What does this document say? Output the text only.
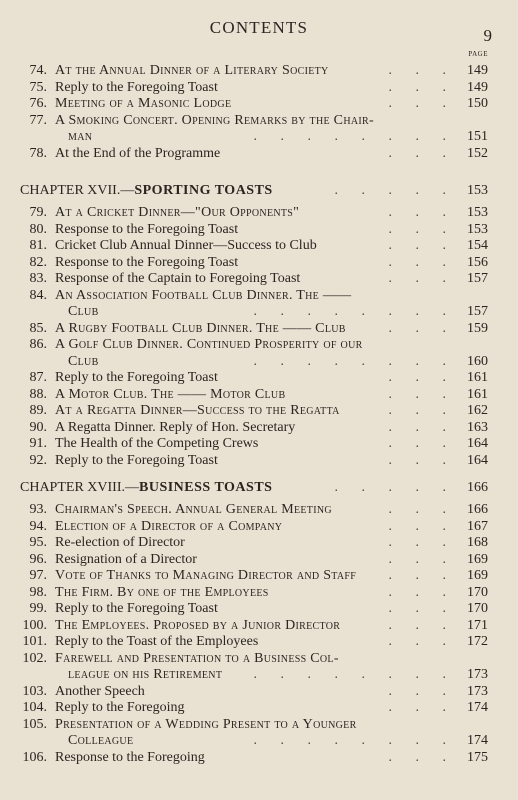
CONTENTS	9
PAGE
74. At the Annual Dinner of a Literary Society	. . . 149
75. Reply to the Foregoing Toast	. . . 149
76. Meeting of a Masonic Lodge	. . . 150
77. A Smoking Concert. Opening Remarks by the Chair-
man	. . . . . . . . 151
78. At the End of the Programme	. . . 152
CHAPTER XVII.—SPORTING TOASTS	. . . . . 153
79. At a Cricket Dinner—"Our Opponents"	. . . 153
80. Response to the Foregoing Toast	. . . 153
81. Cricket Club Annual Dinner—Success to Club	. . . 154
82. Response to the Foregoing Toast	. . . 156
83. Response of the Captain to Foregoing Toast	. . . 157
84. An Association Football Club Dinner. The ——
Club	. . . . . . . . 157
85. A Rugby Football Club Dinner. The —— Club	. . . 159
86. A Golf Club Dinner. Continued Prosperity of our
Club	. . . . . . . . 160
87. Reply to the Foregoing Toast	. . . 161
88. A Motor Club. The —— Motor Club	. . . 161
89. At a Regatta Dinner—Success to the Regatta	. . . 162
90. A Regatta Dinner. Reply of Hon. Secretary	. . . 163
91. The Health of the Competing Crews	. . . 164
92. Reply to the Foregoing Toast	. . . 164
CHAPTER XVIII.—BUSINESS TOASTS	. . . . . 166
93. Chairman's Speech. Annual General Meeting	. . . 166
94. Election of a Director of a Company	. . . 167
95. Re-election of Director	. . . 168
96. Resignation of a Director	. . . 169
97. Vote of Thanks to Managing Director and Staff . . . 169
98. The Firm. By one of the Employees	. . . 170
99. Reply to the Foregoing Toast	. . . 170
100. The Employees. Proposed by a Junior Director	. . . 171
101. Reply to the Toast of the Employees	. . . 172
102. Farewell and Presentation to a Business Col-
league on his Retirement . . . . . . . . 173
103. Another Speech	. . . 173
104. Reply to the Foregoing	. . . 174
105. Presentation of a Wedding Present to a Younger
Colleague	. . . . . . . . 174
106. Response to the Foregoing	. . . 175
